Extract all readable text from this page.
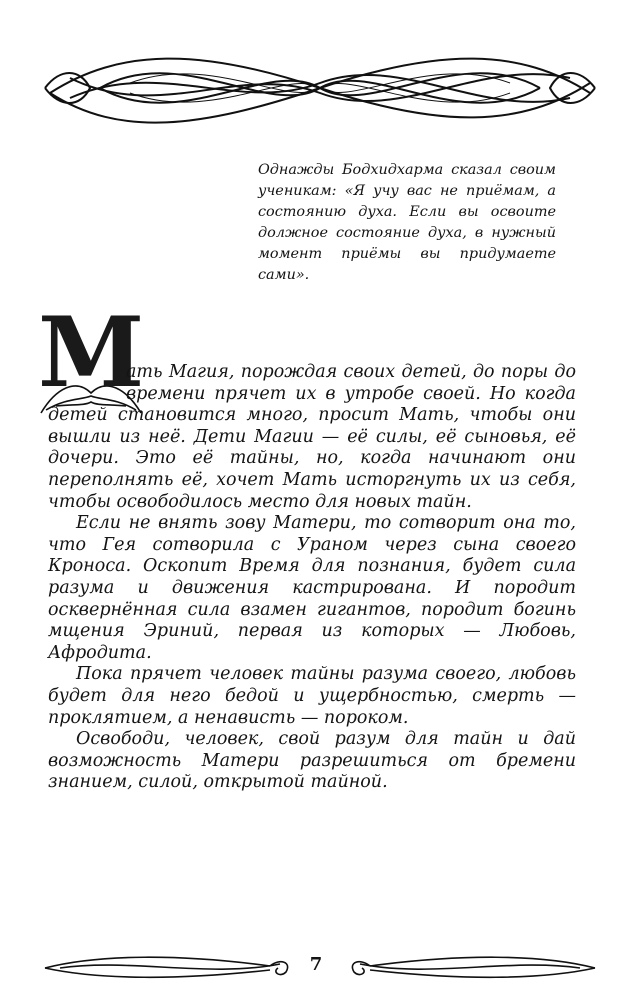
Однажды Бодхидхарма сказал своим ученикам: «Я учу вас не приёмам, а состоянию духа. Если вы освоите должное состояние духа, в нужный момент приёмы вы придумаете сами».

М

ать Магия, порождая своих детей, до поры до времени прячет их в утробе своей. Но когда детей становится много, просит Мать, чтобы они вышли из неё. Дети Магии — её силы, её сыновья, её дочери. Это её тайны, но, когда начинают они переполнять её, хочет Мать исторгнуть их из себя, чтобы освободилось место для новых тайн.

Если не внять зову Матери, то сотворит она то, что Гея сотворила с Ураном через сына своего Кроноса. Оскопит Время для познания, будет сила разума и движения кастрирована. И породит осквернённая сила взамен гигантов, породит богинь мщения Эриний, первая из которых — Любовь, Афродита.

Пока прячет человек тайны разума своего, любовь будет для него бедой и ущербностью, смерть — проклятием, а ненависть — пороком.

Освободи, человек, свой разум для тайн и дай возможность Матери разрешиться от бремени знанием, силой, открытой тайной.

7
